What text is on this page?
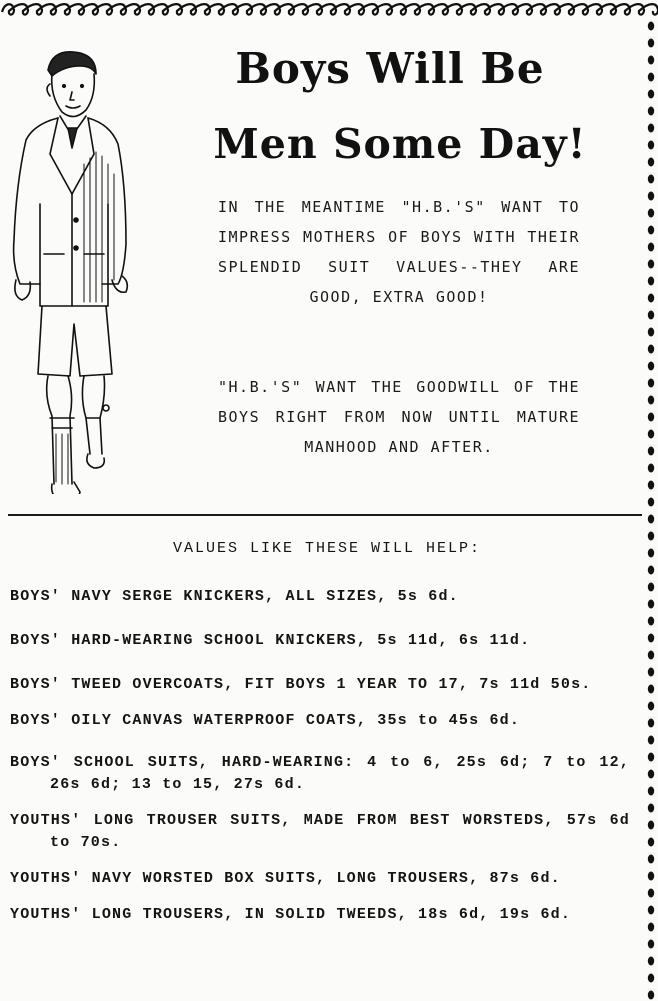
Boys Will Be
Men Some Day!

IN THE MEANTIME "H.B.'S" WANT TO IMPRESS MOTHERS OF BOYS WITH THEIR SPLENDID SUIT VALUES--THEY ARE GOOD, EXTRA GOOD!

"H.B.'S" WANT THE GOODWILL OF THE BOYS RIGHT FROM NOW UNTIL MATURE MANHOOD AND AFTER.

VALUES LIKE THESE WILL HELP:

BOYS' NAVY SERGE KNICKERS, ALL SIZES, 5s 6d.
BOYS' HARD-WEARING SCHOOL KNICKERS, 5s 11d, 6s 11d.
BOYS' TWEED OVERCOATS, FIT BOYS 1 YEAR TO 17, 7s 11d 50s.
BOYS' OILY CANVAS WATERPROOF COATS, 35s to 45s 6d.
BOYS' SCHOOL SUITS, HARD-WEARING: 4 to 6, 25s 6d; 7 to 12, 26s 6d; 13 to 15, 27s 6d.
YOUTHS' LONG TROUSER SUITS, MADE FROM BEST WORSTEDS, 57s 6d to 70s.
YOUTHS' NAVY WORSTED BOX SUITS, LONG TROUSERS, 87s 6d.
YOUTHS' LONG TROUSERS, IN SOLID TWEEDS, 18s 6d, 19s 6d.
